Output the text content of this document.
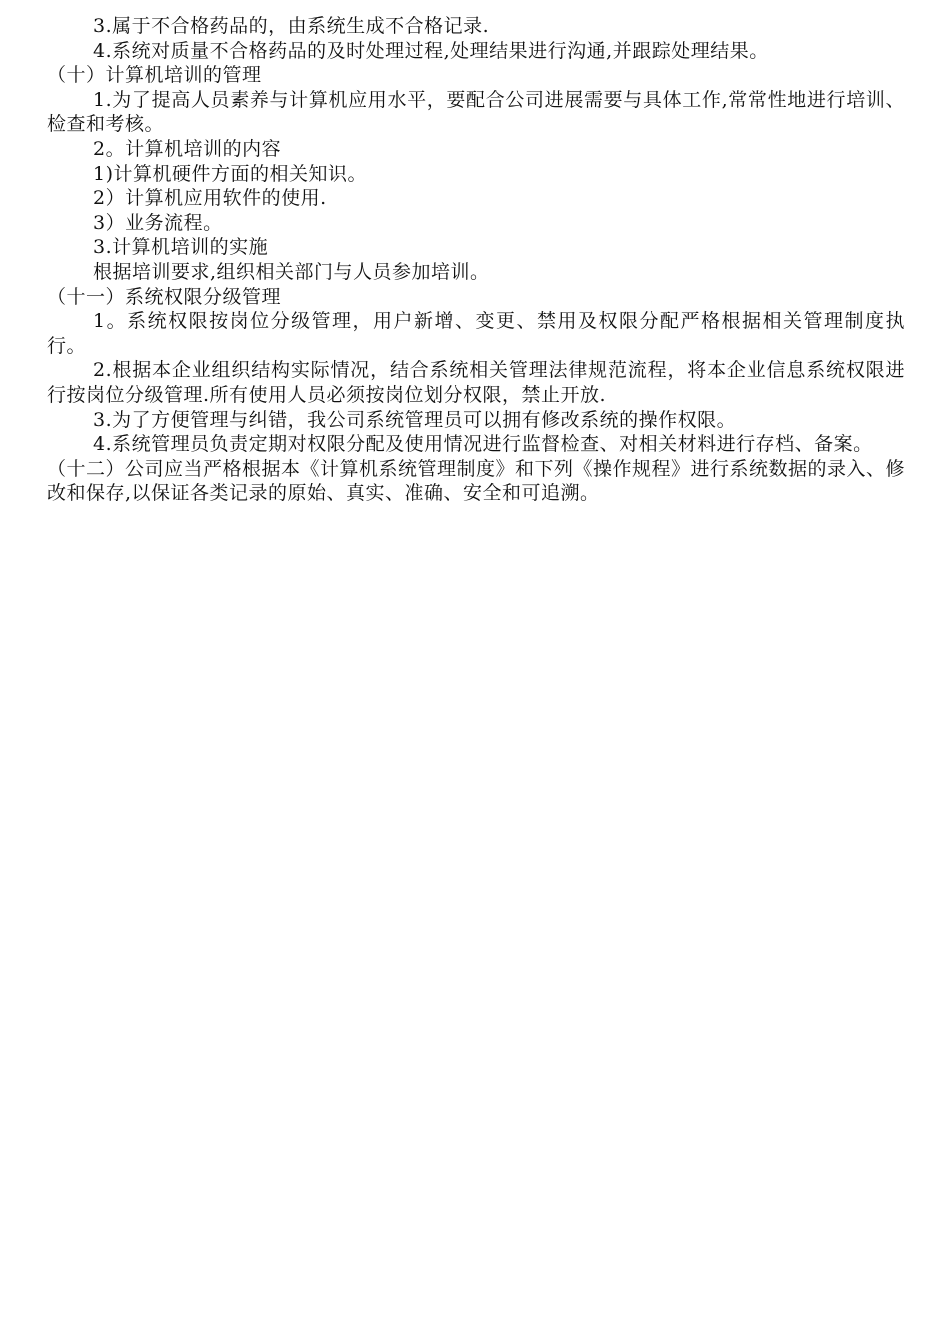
3.属于不合格药品的，由系统生成不合格记录.

4.系统对质量不合格药品的及时处理过程,处理结果进行沟通,并跟踪处理结果。

（十）计算机培训的管理

1.为了提高人员素养与计算机应用水平，要配合公司进展需要与具体工作,常常性地进行培训、检查和考核。

2。计算机培训的内容

1)计算机硬件方面的相关知识。

2）计算机应用软件的使用.

3）业务流程。

3.计算机培训的实施

根据培训要求,组织相关部门与人员参加培训。

（十一）系统权限分级管理

1。系统权限按岗位分级管理，用户新增、变更、禁用及权限分配严格根据相关管理制度执行。

2.根据本企业组织结构实际情况，结合系统相关管理法律规范流程，将本企业信息系统权限进行按岗位分级管理.所有使用人员必须按岗位划分权限，禁止开放.

3.为了方便管理与纠错，我公司系统管理员可以拥有修改系统的操作权限。

4.系统管理员负责定期对权限分配及使用情况进行监督检查、对相关材料进行存档、备案。

（十二）公司应当严格根据本《计算机系统管理制度》和下列《操作规程》进行系统数据的录入、修改和保存,以保证各类记录的原始、真实、准确、安全和可追溯。
